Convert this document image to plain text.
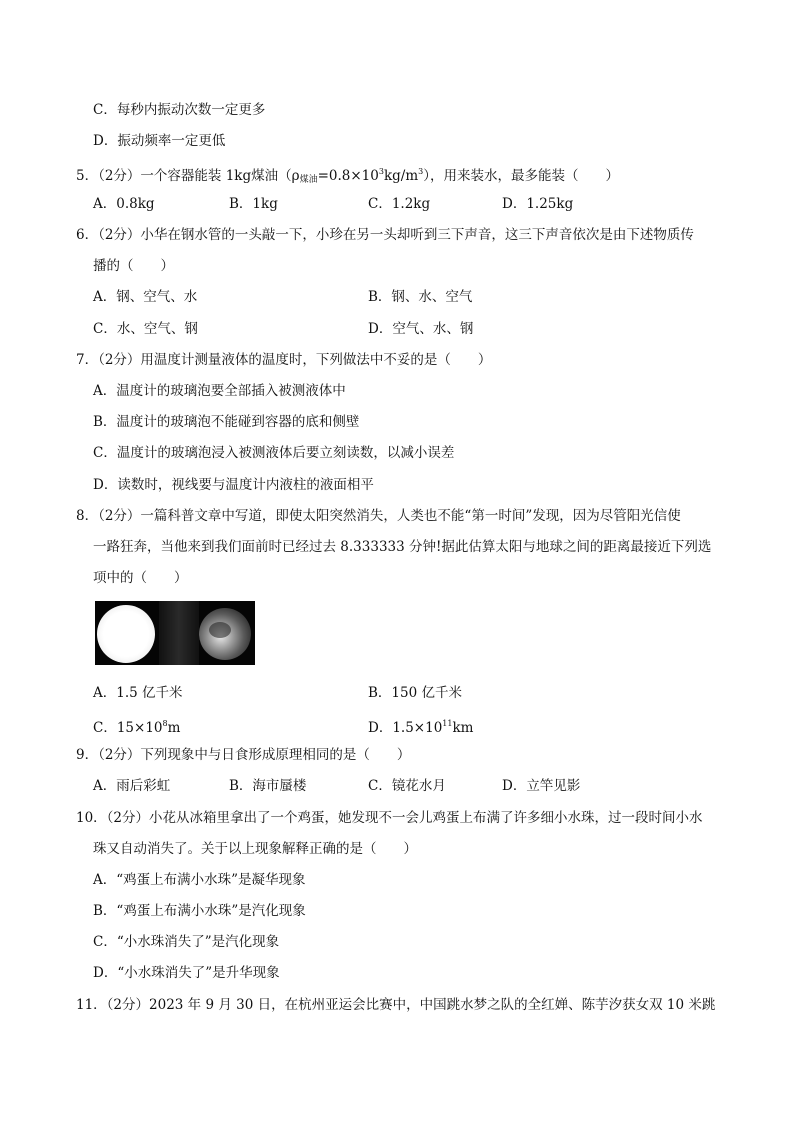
C．每秒内振动次数一定更多
D．振动频率一定更低
5．（2分）一个容器能装 1kg煤油$(\rho_{煤油}=0.8\times 10^3kg/m^3)$，用来装水，最多能装（　　）
A．0.8kg	B．1kg	C．1.2kg	D．1.25kg
6．（2分）小华在钢水管的一头敲一下，小珍在另一头却听到三下声音，这三下声音依次是由下述物质传
播的（　　）
A．钢、空气、水	B．钢、水、空气
C．水、空气、钢	D．空气、水、钢
7．（2分）用温度计测量液体的温度时，下列做法中不妥的是（　　）
A．温度计的玻璃泡要全部插入被测液体中
B．温度计的玻璃泡不能碰到容器的底和侧壁
C．温度计的玻璃泡浸入被测液体后要立刻读数，以减小误差
D．读数时，视线要与温度计内液柱的液面相平
8．（2分）一篇科普文章中写道，即使太阳突然消失，人类也不能“第一时间”发现，因为尽管阳光信使
一路狂奔，当他来到我们面前时已经过去 8.333333 分钟!据此估算太阳与地球之间的距离最接近下列选
项中的（　　）
A．1.5 亿千米	B．150 亿千米
C．$15\times 10^8m$	D．$1.5\times 10^{11}km$
9．（2分）下列现象中与日食形成原理相同的是（　　）
A．雨后彩虹	B．海市蜃楼	C．镜花水月	D．立竿见影
10．（2分）小花从冰箱里拿出了一个鸡蛋，她发现不一会儿鸡蛋上布满了许多细小水珠，过一段时间小水
珠又自动消失了。关于以上现象解释正确的是（　　）
A．“鸡蛋上布满小水珠”是凝华现象
B．“鸡蛋上布满小水珠”是汽化现象
C．“小水珠消失了”是汽化现象
D．“小水珠消失了”是升华现象
11．（2分）2023 年 9 月 30 日，在杭州亚运会比赛中，中国跳水梦之队的全红婵、陈芋汐获女双 10 米跳
